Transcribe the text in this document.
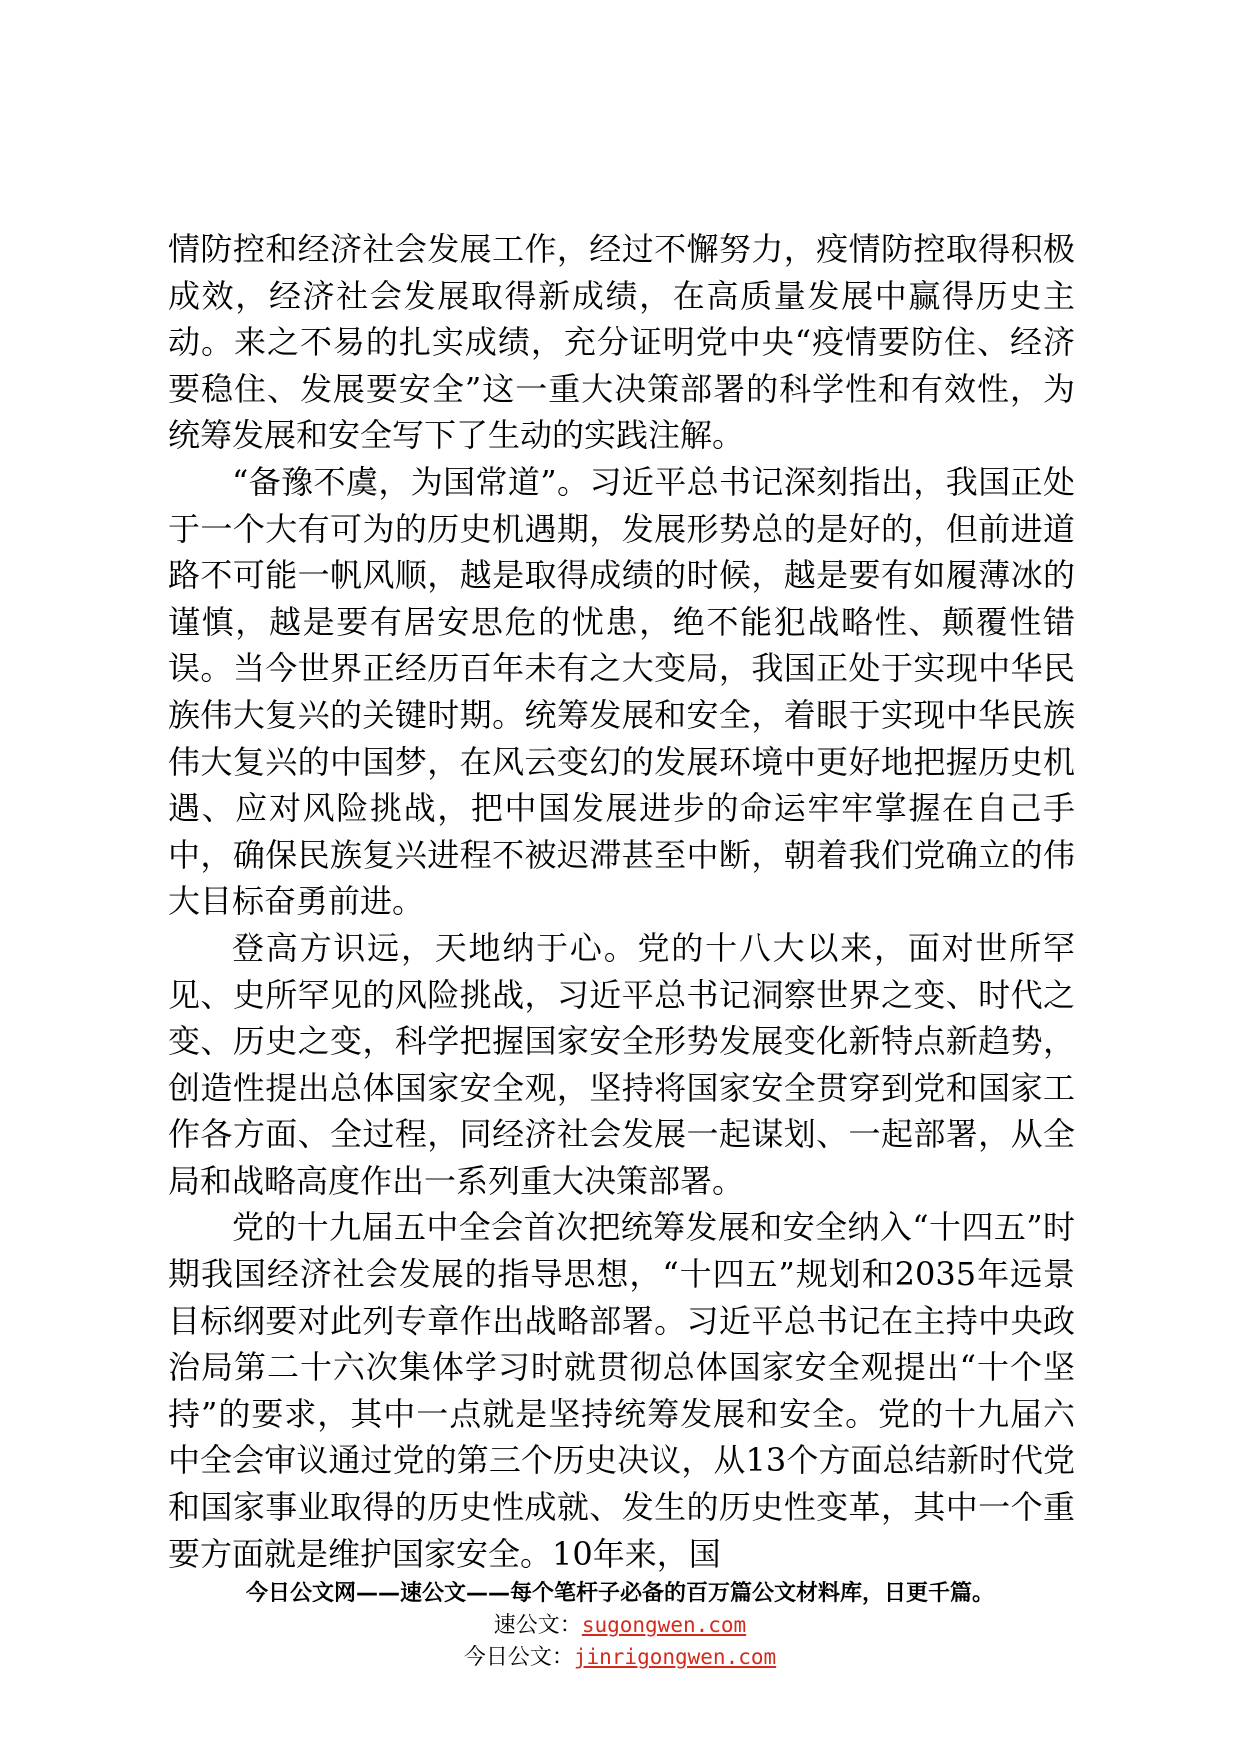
情防控和经济社会发展工作，经过不懈努力，疫情防控取得积极成效，经济社会发展取得新成绩，在高质量发展中赢得历史主动。来之不易的扎实成绩，充分证明党中央“疫情要防住、经济要稳住、发展要安全”这一重大决策部署的科学性和有效性，为统筹发展和安全写下了生动的实践注解。

“备豫不虞，为国常道”。习近平总书记深刻指出，我国正处于一个大有可为的历史机遇期，发展形势总的是好的，但前进道路不可能一帆风顺，越是取得成绩的时候，越是要有如履薄冰的谨慎，越是要有居安思危的忧患，绝不能犯战略性、颠覆性错误。当今世界正经历百年未有之大变局，我国正处于实现中华民族伟大复兴的关键时期。统筹发展和安全，着眼于实现中华民族伟大复兴的中国梦，在风云变幻的发展环境中更好地把握历史机遇、应对风险挑战，把中国发展进步的命运牢牢掌握在自己手中，确保民族复兴进程不被迟滞甚至中断，朝着我们党确立的伟大目标奋勇前进。

登高方识远，天地纳于心。党的十八大以来，面对世所罕见、史所罕见的风险挑战，习近平总书记洞察世界之变、时代之变、历史之变，科学把握国家安全形势发展变化新特点新趋势，创造性提出总体国家安全观，坚持将国家安全贯穿到党和国家工作各方面、全过程，同经济社会发展一起谋划、一起部署，从全局和战略高度作出一系列重大决策部署。

党的十九届五中全会首次把统筹发展和安全纳入“十四五”时期我国经济社会发展的指导思想，“十四五”规划和2035年远景目标纲要对此列专章作出战略部署。习近平总书记在主持中央政治局第二十六次集体学习时就贯彻总体国家安全观提出“十个坚持”的要求，其中一点就是坚持统筹发展和安全。党的十九届六中全会审议通过党的第三个历史决议，从13个方面总结新时代党和国家事业取得的历史性成就、发生的历史性变革，其中一个重要方面就是维护国家安全。10年来，国

今日公文网——速公文——每个笔杆子必备的百万篇公文材料库，日更千篇。
速公文：sugongwen.com
今日公文：jinrigongwen.com
